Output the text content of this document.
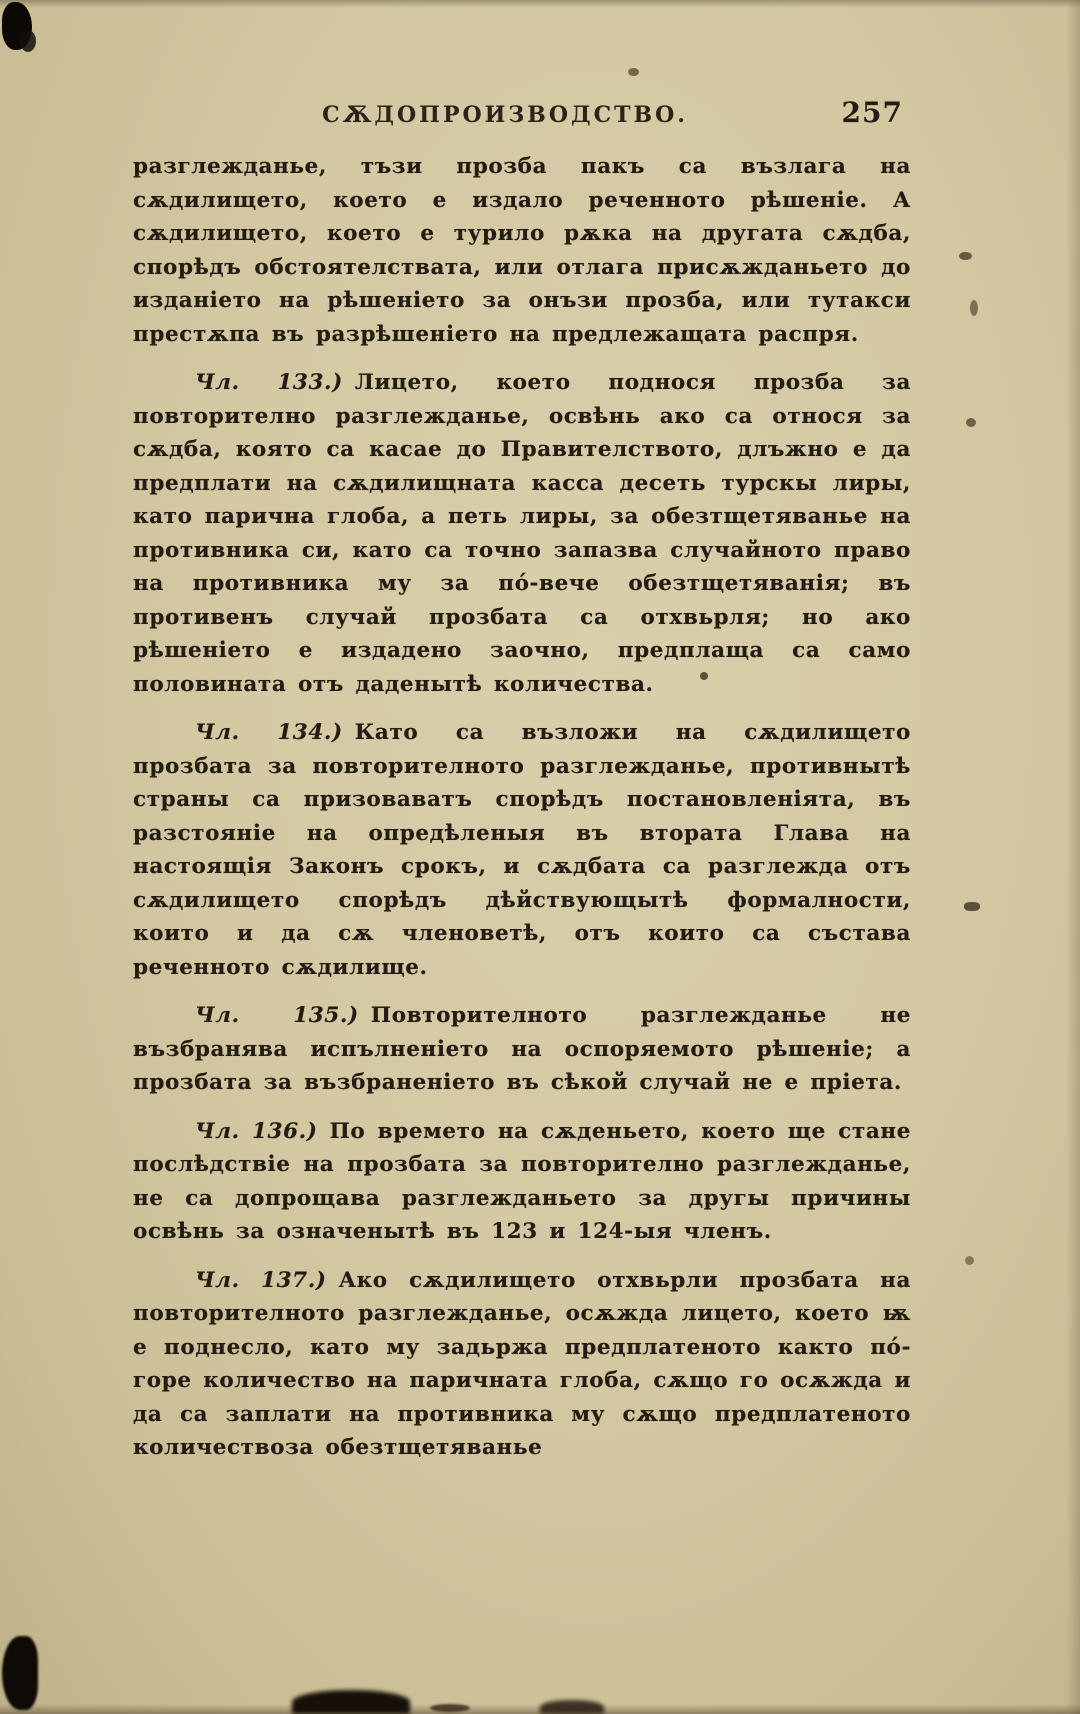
СѪДОПРОИЗВОДСТВО.	257

разглежданье, тъзи прозба пакъ са възлага на сѫдилището, което е издало реченното рѣшеніе. А сѫдилището, което е турило рѫка на другата сѫдба, спорѣдъ обстоятелствата, или отлага присѫжданьето до изданіето на рѣшеніето за онъзи прозба, или тутакси престѫпа въ разрѣшеніето на предлежащата распря.

Чл. 133.) Лицето, което поднося прозба за повторително разглежданье, освѣнь ако са относя за сѫдба, която са касае до Правителството, длъжно е да предплати на сѫдилищната касса десеть турскы лиры, като парична глоба, а петь лиры, за обезтщетяванье на противника си, като са точно запазва случайното право на противника му за пó-вече обезтщетяванія; въ противенъ случай прозбата са отхвьрля; но ако рѣшеніето е издадено заочно, предплаща са само половината отъ даденытѣ количества.

Чл. 134.) Като са възложи на сѫдилището прозбата за повторителното разглежданье, противнытѣ страны са призоваватъ спорѣдъ постановленіята, въ разстояніе на опредѣленыя въ втората Глава на настоящія Законъ срокъ, и сѫдбата са разглежда отъ сѫдилището спорѣдъ дѣйствующытѣ формалности, които и да сѫ членоветѣ, отъ които са състава реченното сѫдилище.

Чл. 135.) Повторителното разглежданье не възбранява испълненіето на оспоряемото рѣшеніе; а прозбата за възбраненіето въ сѣкой случай не е пріета.

Чл. 136.) По времето на сѫденьето, което ще стане послѣдствіе на прозбата за повторително разглежданье, не са допрощава разглежданьето за другы причины освѣнь за означенытѣ въ 123 и 124-ыя членъ.

Чл. 137.) Ако сѫдилището отхвьрли прозбата на повторителното разглежданье, осѫжда лицето, което ѭ е поднесло, като му задьржа предплатеното както пó-горе количество на паричната глоба, сѫщо го осѫжда и да са заплати на противника му сѫщо предплатеното количествоза обезтщетяванье
